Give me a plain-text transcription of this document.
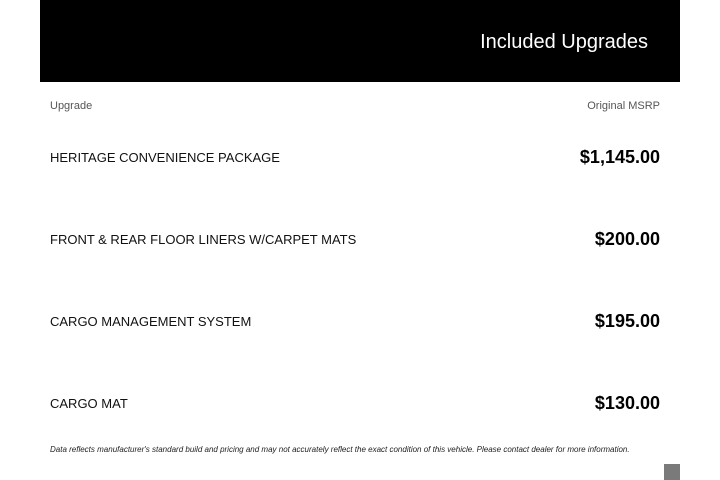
Included Upgrades
Upgrade	Original MSRP
HERITAGE CONVENIENCE PACKAGE	$1,145.00
FRONT & REAR FLOOR LINERS W/CARPET MATS	$200.00
CARGO MANAGEMENT SYSTEM	$195.00
CARGO MAT	$130.00
Data reflects manufacturer's standard build and pricing and may not accurately reflect the exact condition of this vehicle. Please contact dealer for more information.
